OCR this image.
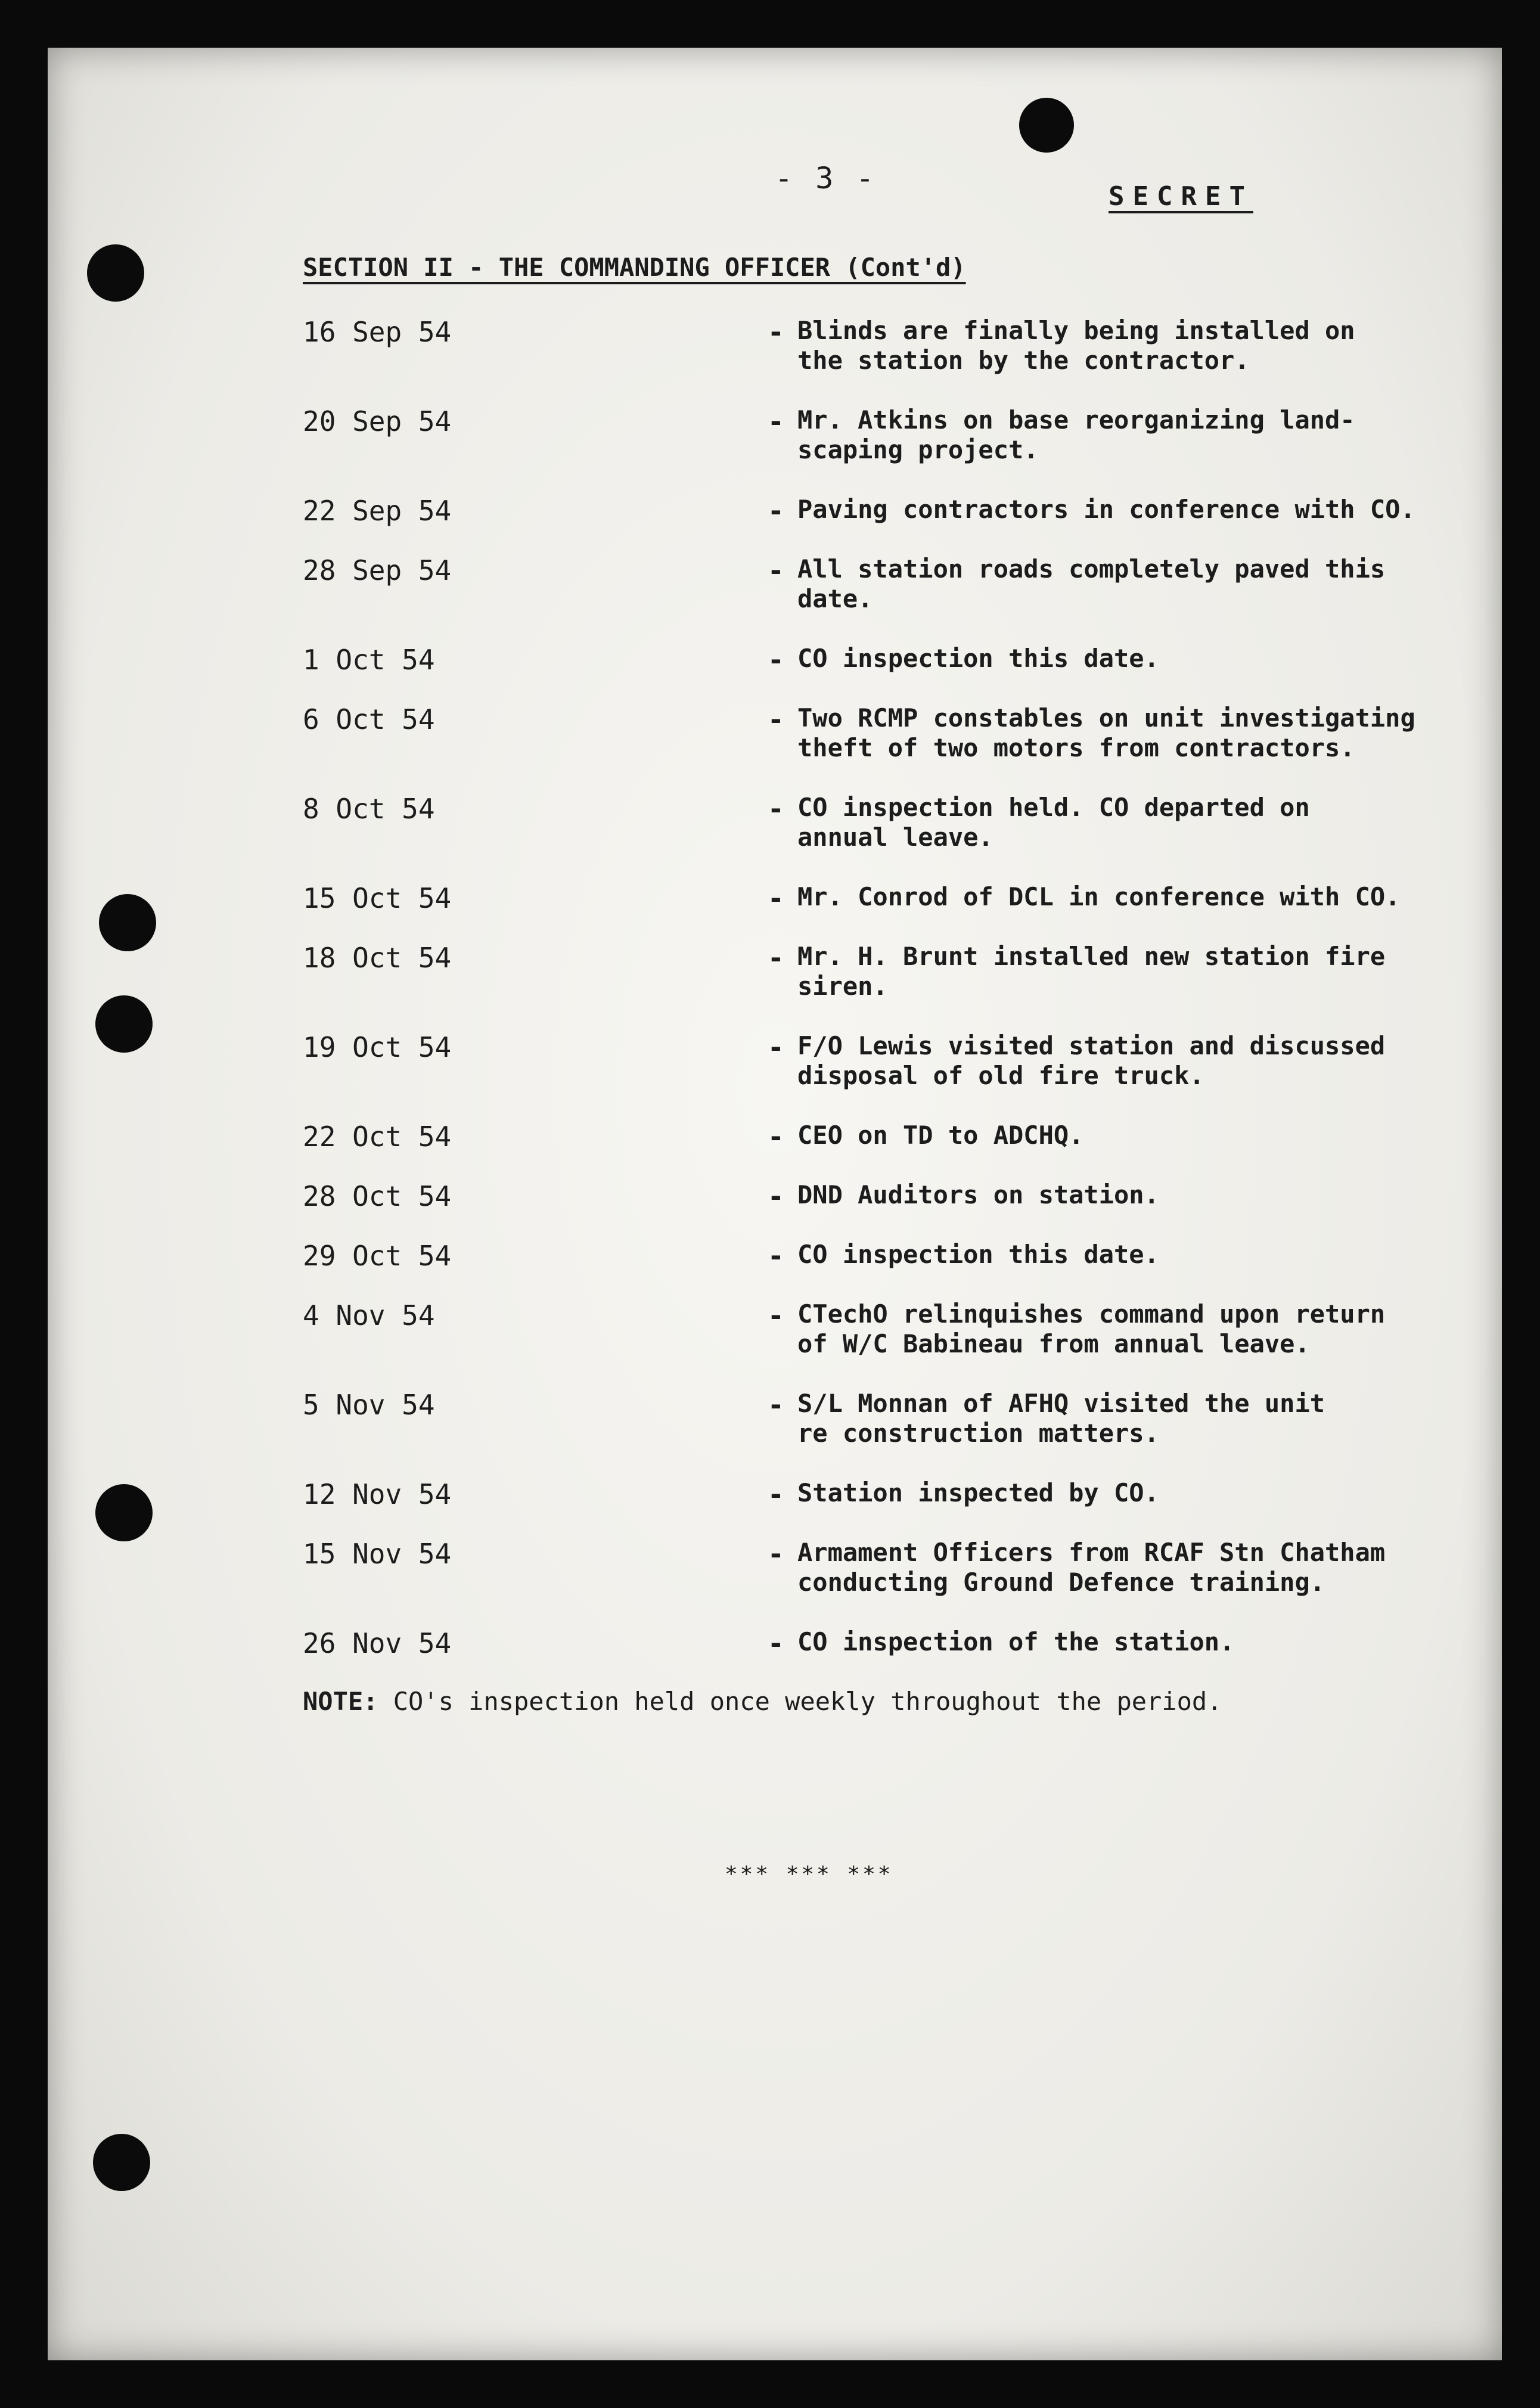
- 3 -
SECRET
SECTION II - THE COMMANDING OFFICER (Cont'd)
16 Sep 54	- Blinds are finally being installed on
the station by the contractor.
20 Sep 54	- Mr. Atkins on base reorganizing land-
scaping project.
22 Sep 54	- Paving contractors in conference with CO.
28 Sep 54	- All station roads completely paved this
date.
1 Oct 54	- CO inspection this date.
6 Oct 54	- Two RCMP constables on unit investigating
theft of two motors from contractors.
8 Oct 54	- CO inspection held. CO departed on
annual leave.
15 Oct 54	- Mr. Conrod of DCL in conference with CO.
18 Oct 54	- Mr. H. Brunt installed new station fire
siren.
19 Oct 54	- F/O Lewis visited station and discussed
disposal of old fire truck.
22 Oct 54	- CEO on TD to ADCHQ.
28 Oct 54	- DND Auditors on station.
29 Oct 54	- CO inspection this date.
4 Nov 54	- CTechO relinquishes command upon return
of W/C Babineau from annual leave.
5 Nov 54	- S/L Monnan of AFHQ visited the unit
re construction matters.
12 Nov 54	- Station inspected by CO.
15 Nov 54	- Armament Officers from RCAF Stn Chatham
conducting Ground Defence training.
26 Nov 54	- CO inspection of the station.
NOTE: CO's inspection held once weekly throughout the period.
*** *** ***
